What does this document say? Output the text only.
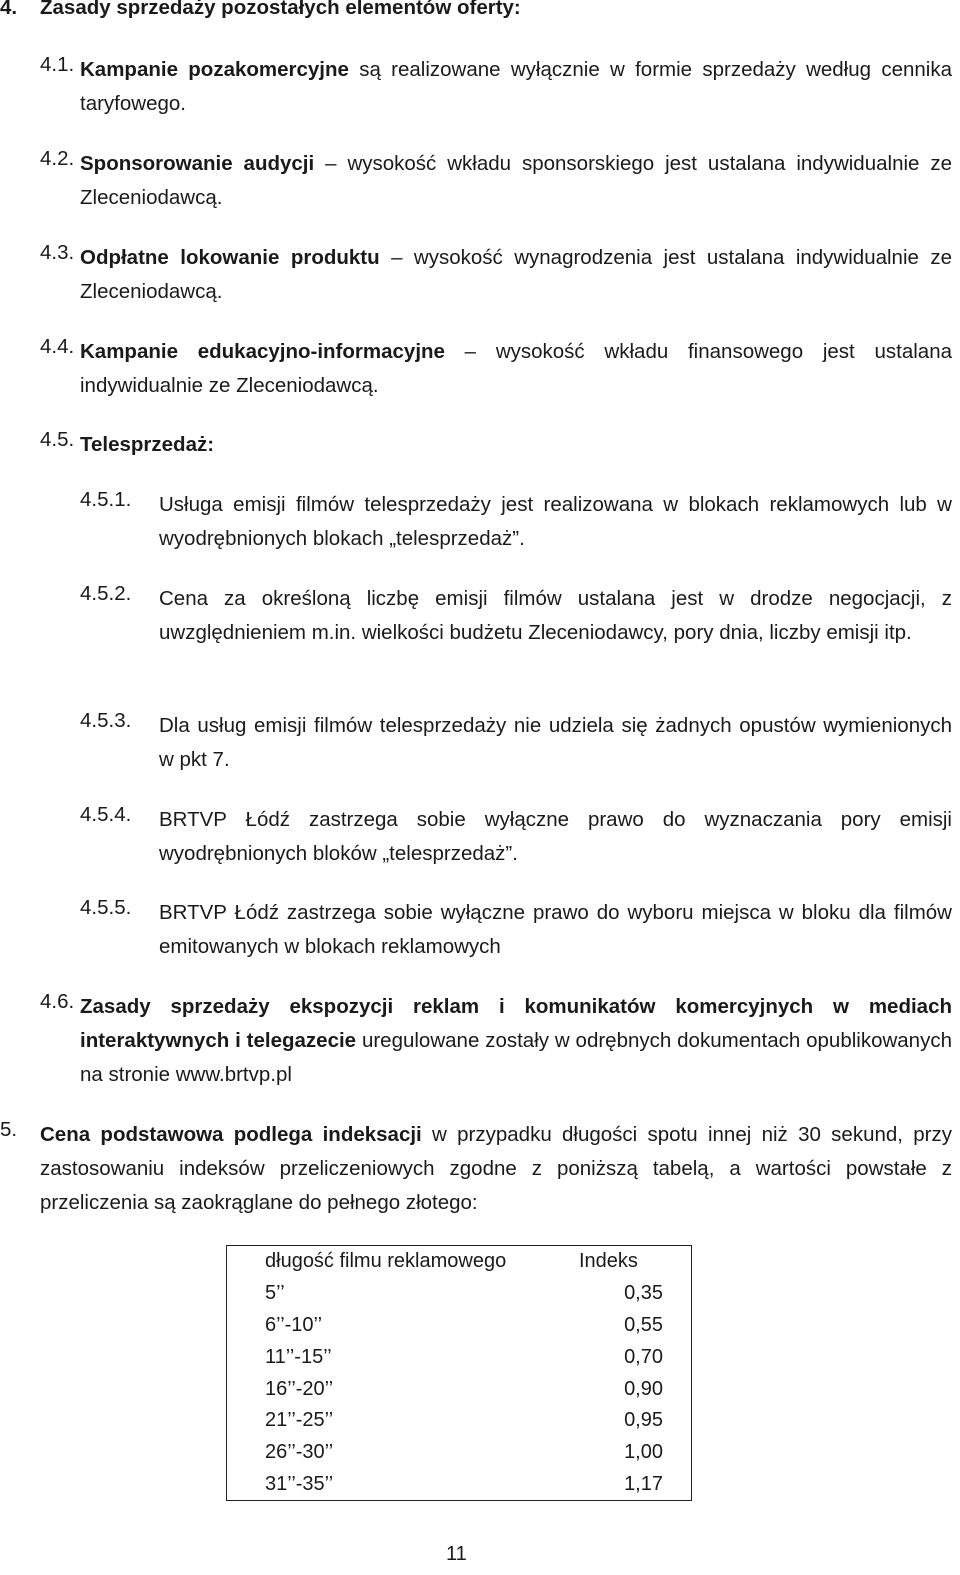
4. Zasady sprzedaży pozostałych elementów oferty:
4.1. Kampanie pozakomercyjne są realizowane wyłącznie w formie sprzedaży według cennika taryfowego.
4.2. Sponsorowanie audycji – wysokość wkładu sponsorskiego jest ustalana indywidualnie ze Zleceniodawcą.
4.3. Odpłatne lokowanie produktu – wysokość wynagrodzenia jest ustalana indywidualnie ze Zleceniodawcą.
4.4. Kampanie edukacyjno-informacyjne – wysokość wkładu finansowego jest ustalana indywidualnie ze Zleceniodawcą.
4.5. Telesprzedaż:
4.5.1. Usługa emisji filmów telesprzedaży jest realizowana w blokach reklamowych lub w wyodrębnionych blokach „telesprzedaż”.
4.5.2. Cena za określoną liczbę emisji filmów ustalana jest w drodze negocjacji, z uwzględnieniem m.in. wielkości budżetu Zleceniodawcy, pory dnia, liczby emisji itp.
4.5.3. Dla usług emisji filmów telesprzedaży nie udziela się żadnych opustów wymienionych w pkt 7.
4.5.4. BRTVP Łódź zastrzega sobie wyłączne prawo do wyznaczania pory emisji wyodrębnionych bloków „telesprzedaż”.
4.5.5. BRTVP Łódź zastrzega sobie wyłączne prawo do wyboru miejsca w bloku dla filmów emitowanych w blokach reklamowych
4.6. Zasady sprzedaży ekspozycji reklam i komunikatów komercyjnych w mediach interaktywnych i telegazecie uregulowane zostały w odrębnych dokumentach opublikowanych na stronie www.brtvp.pl
5. Cena podstawowa podlega indeksacji w przypadku długości spotu innej niż 30 sekund, przy zastosowaniu indeksów przeliczeniowych zgodne z poniższą tabelą, a wartości powstałe z przeliczenia są zaokrąglane do pełnego złotego:
długość filmu reklamowego	Indeks
5’’	0,35
6’’-10’’	0,55
11’’-15’’	0,70
16’’-20’’	0,90
21’’-25’’	0,95
26’’-30’’	1,00
31’’-35’’	1,17
11
